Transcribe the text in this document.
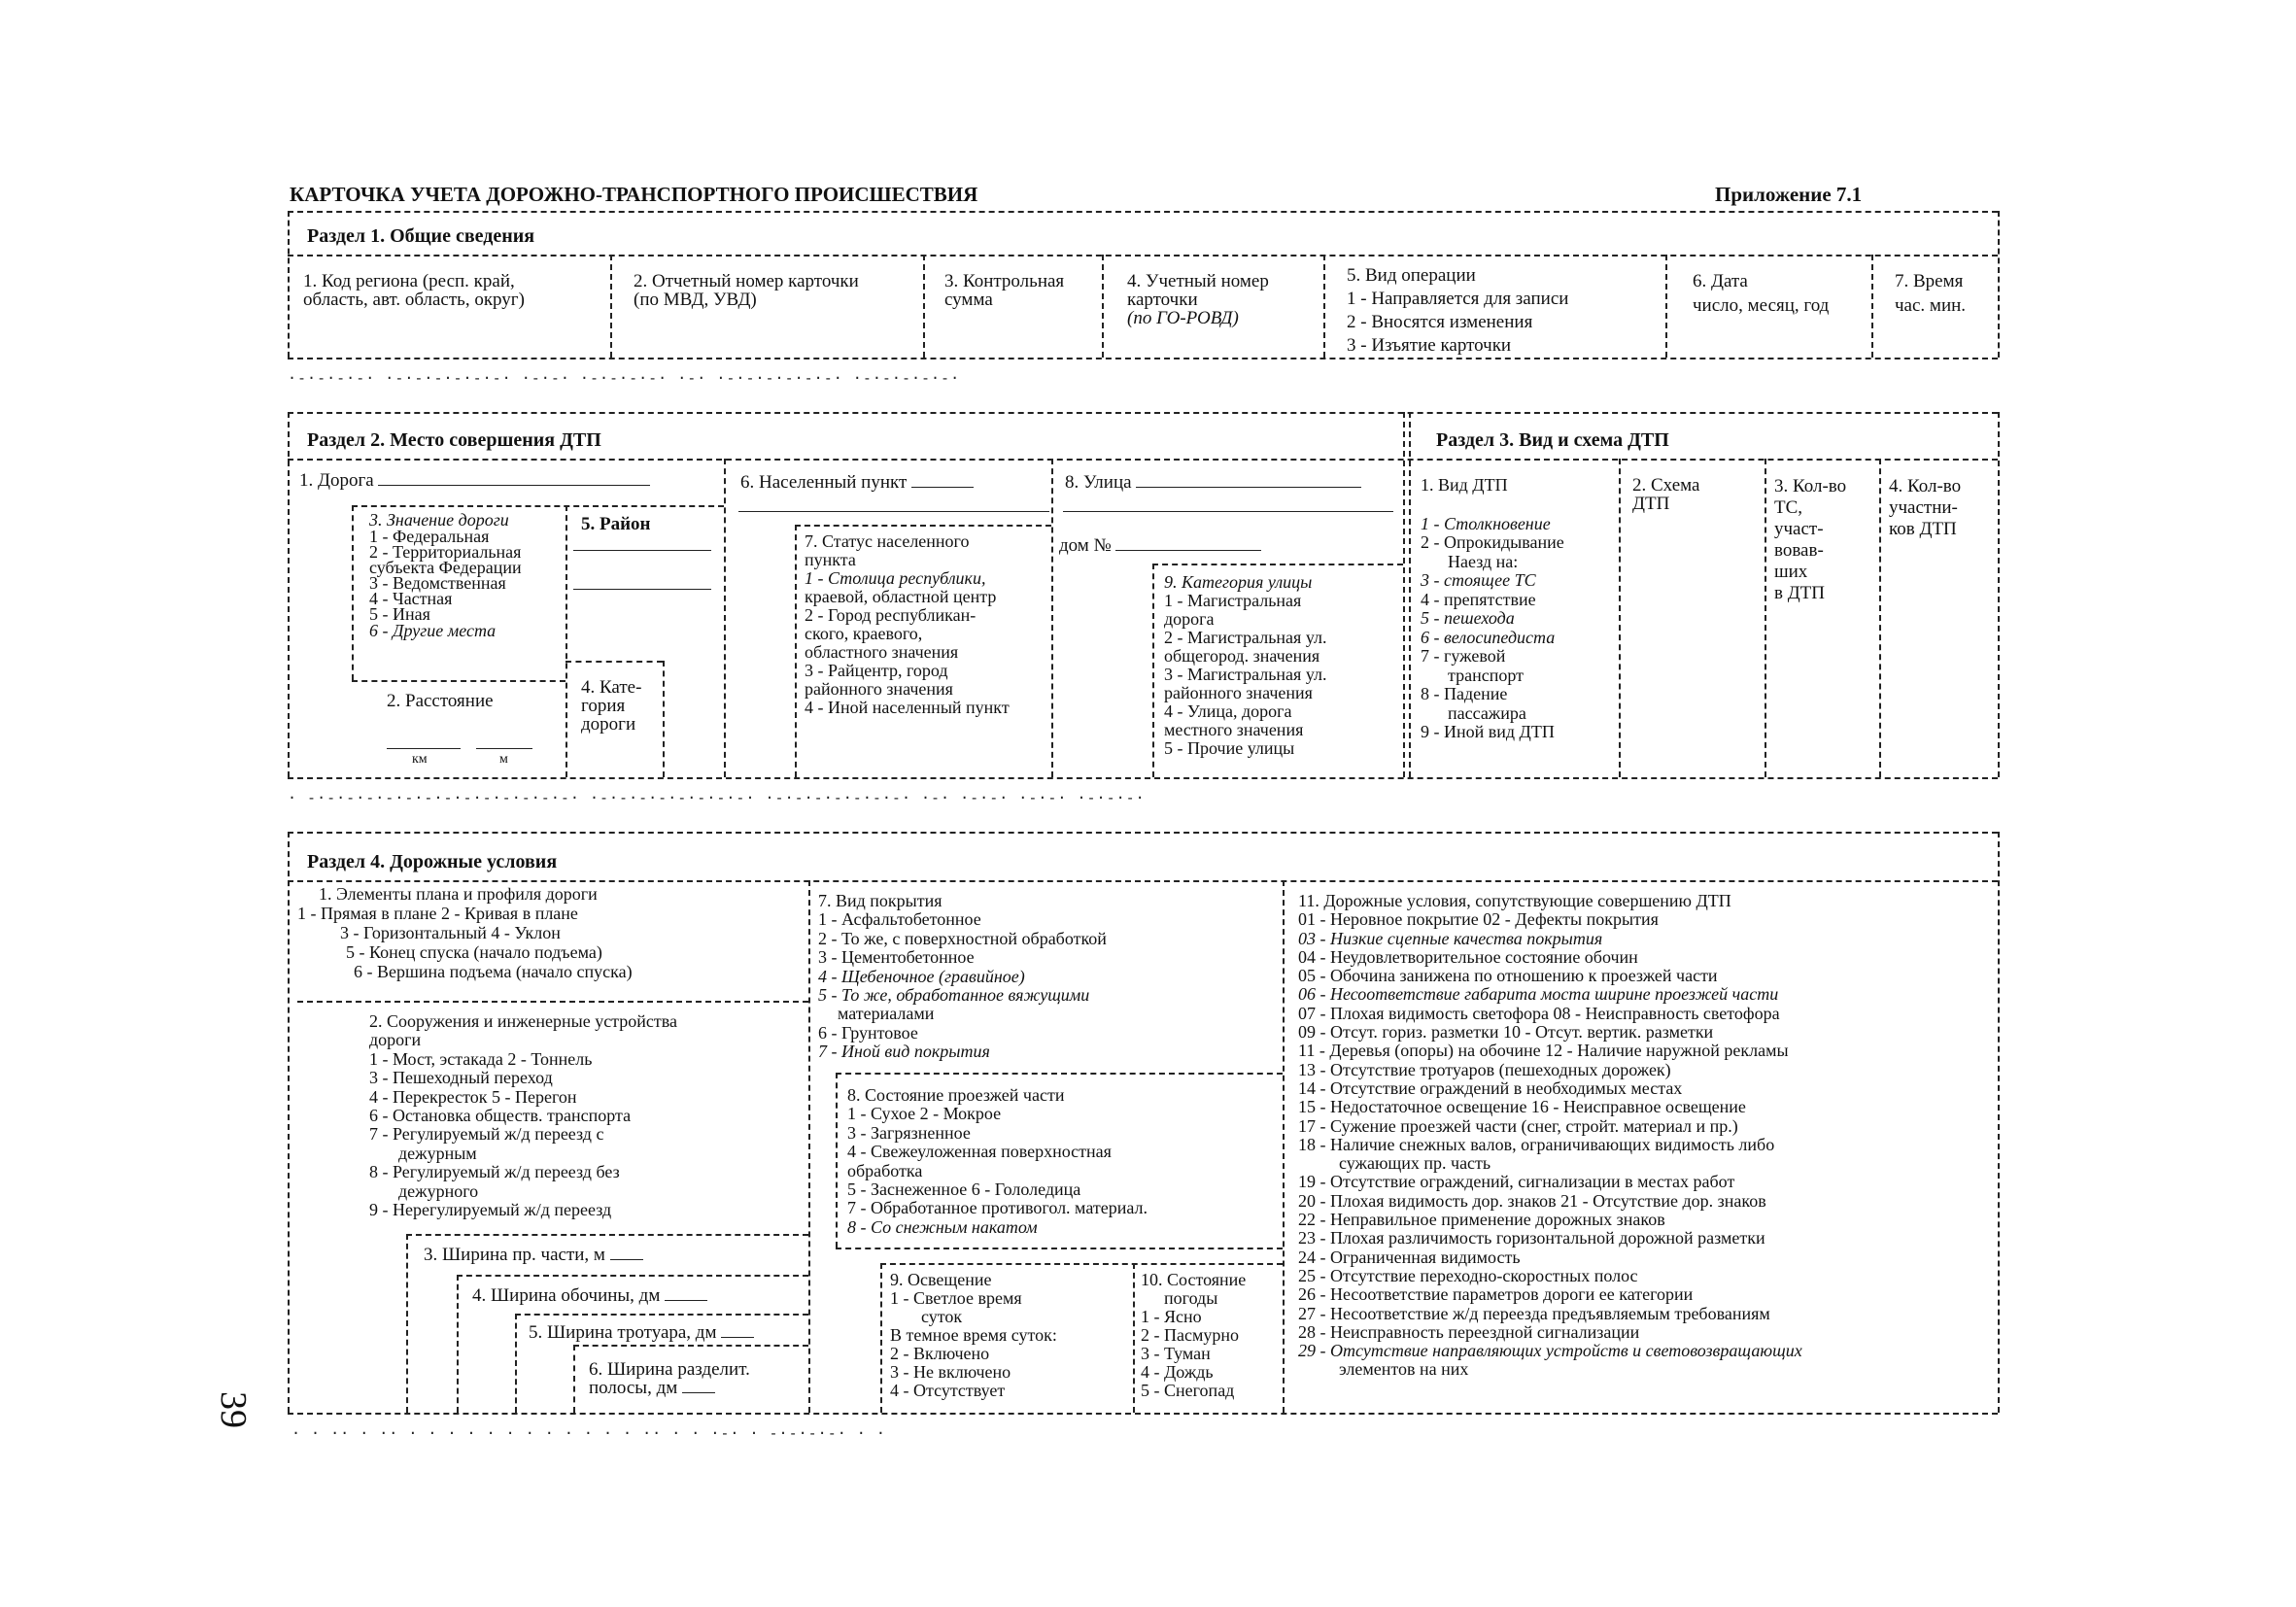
КАРТОЧКА УЧЕТА ДОРОЖНО-ТРАНСПОРТНОГО ПРОИСШЕСТВИЯ	Приложение 7.1
39
Раздел 1. Общие сведения
1. Код региона (респ. край,
область, авт. область, округ)
2. Отчетный номер карточки
(по МВД, УВД)
3. Контрольная
сумма
4. Учетный номер
карточки
(по ГО-РОВД)
5. Вид операции
1 - Направляется для записи
2 - Вносятся изменения
3 - Изъятие карточки
6. Дата
число, месяц, год
7. Время
час. мин.
·-·-·-·-· ·-·-·-·-·-·-· ·-·-· ·-·-·-·-· ·-· ·-·-·-·-·-·-· ·-·-·-·-·-·
Раздел 2. Место совершения ДТП	Раздел 3. Вид и схема ДТП
1. Дорога
3. Значение дороги
1 - Федеральная
2 - Территориальная
субъекта Федерации
3 - Ведомственная
4 - Частная
5 - Иная
6 - Другие места
5. Район
2. Расстояние
км	м
4. Кате-
гория
дороги
6. Населенный пункт
7. Статус населенного
пункта
1 - Столица республики,
краевой, областной центр
2 - Город республикан-
ского, краевого,
областного значения
3 - Райцентр, город
районного значения
4 - Иной населенный пункт
8. Улица
дом №
9. Категория улицы
1 - Магистральная
дорога
2 - Магистральная ул.
общегород. значения
3 - Магистральная ул.
районного значения
4 - Улица, дорога
местного значения
5 - Прочие улицы
1. Вид ДТП
1 - Столкновение
2 - Опрокидывание
Наезд на:
3 - стоящее ТС
4 - препятствие
5 - пешехода
6 - велосипедиста
7 - гужевой
транспорт
8 - Падение
пассажира
9 - Иной вид ДТП
2. Схема
ДТП
3. Кол-во
ТС,
участ-
вовав-
ших
в ДТП
4. Кол-во
участни-
ков ДТП
· -·-·-·-·-·-·-·-·-·-·-·-·-·-· ·-·-·-·-·-·-·-·-· ·-·-·-·-·-·-·-· ·-· ·-·-· ·-·-· ·-·-·-·
Раздел 4. Дорожные условия
1. Элементы плана и профиля дороги
1 - Прямая в плане 2 - Кривая в плане
3 - Горизонтальный 4 - Уклон
5 - Конец спуска (начало подъема)
6 - Вершина подъема (начало спуска)
2. Сооружения и инженерные устройства
дороги
1 - Мост, эстакада 2 - Тоннель
3 - Пешеходный переход
4 - Перекресток 5 - Перегон
6 - Остановка обществ. транспорта
7 - Регулируемый ж/д переезд с
дежурным
8 - Регулируемый ж/д переезд без
дежурного
9 - Нерегулируемый ж/д переезд
3. Ширина пр. части, м
4. Ширина обочины, дм
5. Ширина тротуара, дм
6. Ширина разделит.
полосы, дм
7. Вид покрытия
1 - Асфальтобетонное
2 - То же, с поверхностной обработкой
3 - Цементобетонное
4 - Щебеночное (гравийное)
5 - То же, обработанное вяжущими
материалами
6 - Грунтовое
7 - Иной вид покрытия
8. Состояние проезжей части
1 - Сухое 2 - Мокрое
3 - Загрязненное
4 - Свежеуложенная поверхностная
обработка
5 - Заснеженное 6 - Гололедица
7 - Обработанное противогол. материал.
8 - Со снежным накатом
9. Освещение
1 - Светлое время
суток
В темное время суток:
2 - Включено
3 - Не включено
4 - Отсутствует
10. Состояние
погоды
1 - Ясно
2 - Пасмурно
3 - Туман
4 - Дождь
5 - Снегопад
11. Дорожные условия, сопутствующие совершению ДТП
01 - Неровное покрытие 02 - Дефекты покрытия
03 - Низкие сцепные качества покрытия
04 - Неудовлетворительное состояние обочин
05 - Обочина занижена по отношению к проезжей части
06 - Несоответствие габарита моста ширине проезжей части
07 - Плохая видимость светофора 08 - Неисправность светофора
09 - Отсут. гориз. разметки 10 - Отсут. вертик. разметки
11 - Деревья (опоры) на обочине 12 - Наличие наружной рекламы
13 - Отсутствие тротуаров (пешеходных дорожек)
14 - Отсутствие ограждений в необходимых местах
15 - Недостаточное освещение 16 - Неисправное освещение
17 - Сужение проезжей части (снег, стройт. материал и пр.)
18 - Наличие снежных валов, ограничивающих видимость либо
сужающих пр. часть
19 - Отсутствие ограждений, сигнализации в местах работ
20 - Плохая видимость дор. знаков 21 - Отсутствие дор. знаков
22 - Неправильное применение дорожных знаков
23 - Плохая различимость горизонтальной дорожной разметки
24 - Ограниченная видимость
25 - Отсутствие переходно-скоростных полос
26 - Несоответствие параметров дороги ее категории
27 - Несоответствие ж/д переезда предъявляемым требованиям
28 - Неисправность переездной сигнализации
29 - Отсутствие направляющих устройств и световозвращающих
элементов на них
· · ·· · ·· · · · · · · · · · · · · ·· · · ·-· · -·-·-·-· · ·
